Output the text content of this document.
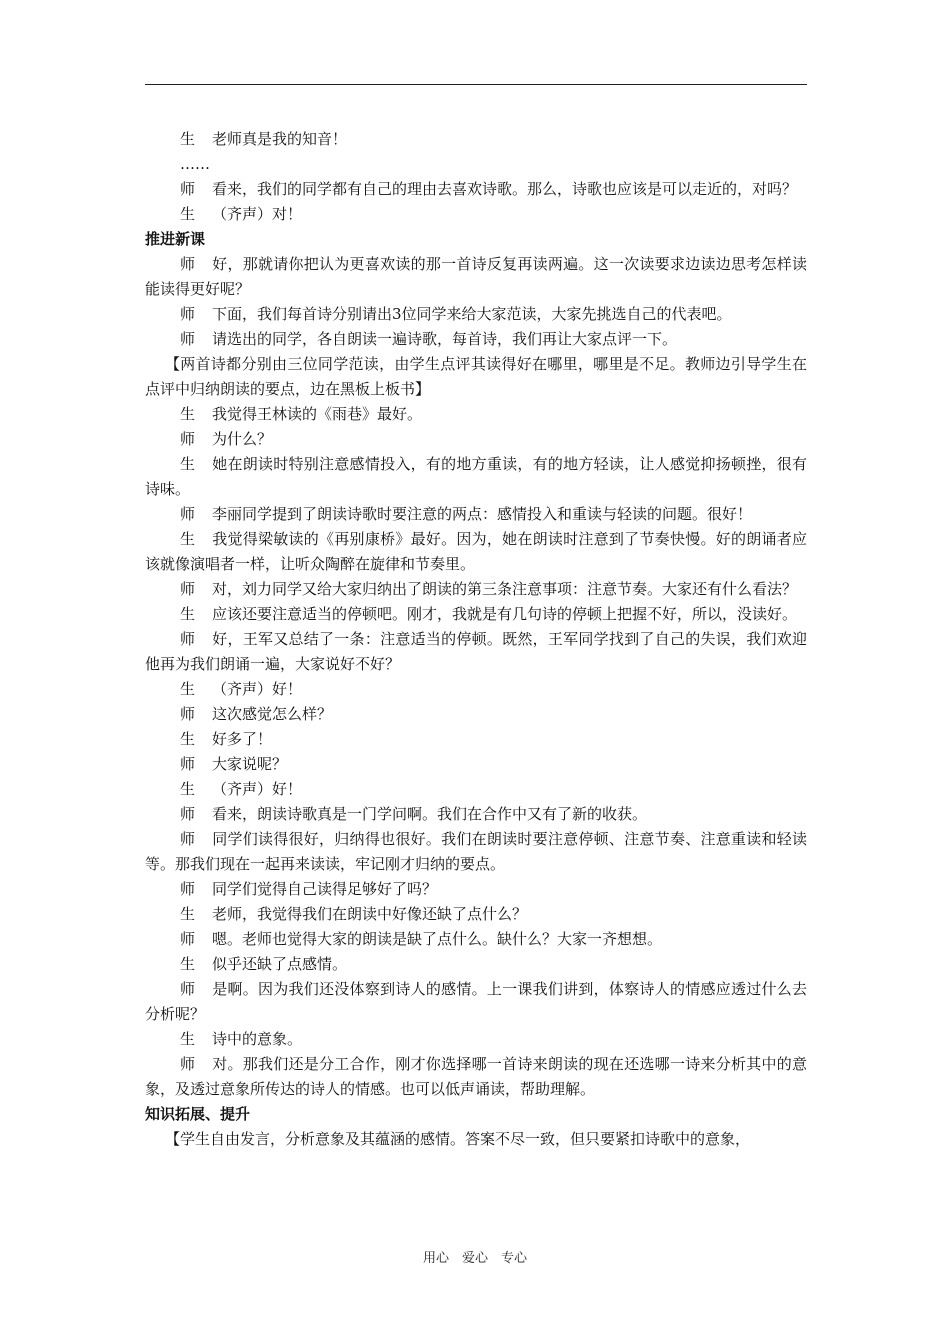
生 老师真是我的知音！

……

师 看来，我们的同学都有自己的理由去喜欢诗歌。那么，诗歌也应该是可以走近的，对吗？

生 （齐声）对！

推进新课

师 好，那就请你把认为更喜欢读的那一首诗反复再读两遍。这一次读要求边读边思考怎样读能读得更好呢？

师 下面，我们每首诗分别请出3位同学来给大家范读，大家先挑选自己的代表吧。

师 请选出的同学，各自朗读一遍诗歌，每首诗，我们再让大家点评一下。

【两首诗都分别由三位同学范读，由学生点评其读得好在哪里，哪里是不足。教师边引导学生在点评中归纳朗读的要点，边在黑板上板书】

生 我觉得王林读的《雨巷》最好。

师 为什么？

生 她在朗读时特别注意感情投入，有的地方重读，有的地方轻读，让人感觉抑扬顿挫，很有诗味。

师 李丽同学提到了朗读诗歌时要注意的两点：感情投入和重读与轻读的问题。很好！

生 我觉得梁敏读的《再别康桥》最好。因为，她在朗读时注意到了节奏快慢。好的朗诵者应该就像演唱者一样，让听众陶醉在旋律和节奏里。

师 对，刘力同学又给大家归纳出了朗读的第三条注意事项：注意节奏。大家还有什么看法？

生 应该还要注意适当的停顿吧。刚才，我就是有几句诗的停顿上把握不好，所以，没读好。

师 好，王军又总结了一条：注意适当的停顿。既然，王军同学找到了自己的失误，我们欢迎他再为我们朗诵一遍，大家说好不好？

生 （齐声）好！

师 这次感觉怎么样？

生 好多了！

师 大家说呢？

生 （齐声）好！

师 看来，朗读诗歌真是一门学问啊。我们在合作中又有了新的收获。

师 同学们读得很好，归纳得也很好。我们在朗读时要注意停顿、注意节奏、注意重读和轻读等。那我们现在一起再来读读，牢记刚才归纳的要点。

师 同学们觉得自己读得足够好了吗？

生 老师，我觉得我们在朗读中好像还缺了点什么？

师 嗯。老师也觉得大家的朗读是缺了点什么。缺什么？大家一齐想想。

生 似乎还缺了点感情。

师 是啊。因为我们还没体察到诗人的感情。上一课我们讲到，体察诗人的情感应透过什么去分析呢？

生 诗中的意象。

师 对。那我们还是分工合作，刚才你选择哪一首诗来朗读的现在还选哪一诗来分析其中的意象，及透过意象所传达的诗人的情感。也可以低声诵读，帮助理解。

知识拓展、提升

【学生自由发言，分析意象及其蕴涵的感情。答案不尽一致，但只要紧扣诗歌中的意象，

用心　爱心　专心
